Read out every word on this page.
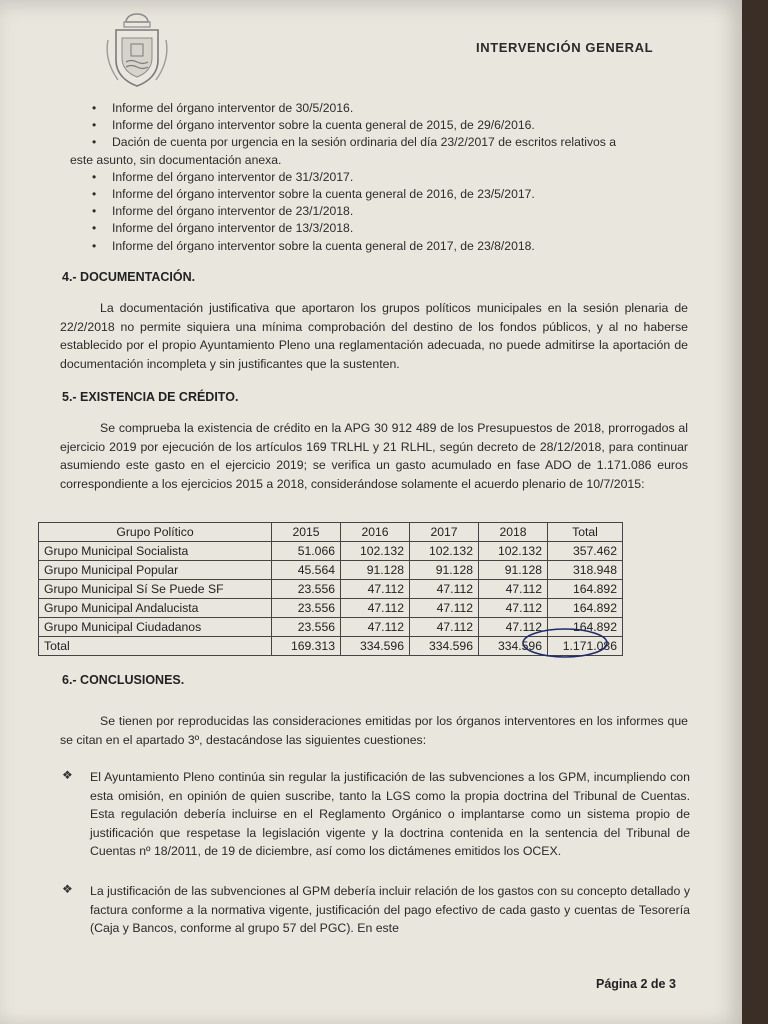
INTERVENCIÓN GENERAL
• Informe del órgano interventor de 30/5/2016.
• Informe del órgano interventor sobre la cuenta general de 2015, de 29/6/2016.
• Dación de cuenta por urgencia en la sesión ordinaria del día 23/2/2017 de escritos relativos a
este asunto, sin documentación anexa.
• Informe del órgano interventor de 31/3/2017.
• Informe del órgano interventor sobre la cuenta general de 2016, de 23/5/2017.
• Informe del órgano interventor de 23/1/2018.
• Informe del órgano interventor de 13/3/2018.
• Informe del órgano interventor sobre la cuenta general de 2017, de 23/8/2018.
4.- DOCUMENTACIÓN.
La documentación justificativa que aportaron los grupos políticos municipales en la sesión plenaria de 22/2/2018 no permite siquiera una mínima comprobación del destino de los fondos públicos, y al no haberse establecido por el propio Ayuntamiento Pleno una reglamentación adecuada, no puede admitirse la aportación de documentación incompleta y sin justificantes que la sustenten.
5.- EXISTENCIA DE CRÉDITO.
Se comprueba la existencia de crédito en la APG 30 912 489 de los Presupuestos de 2018, prorrogados al ejercicio 2019 por ejecución de los artículos 169 TRLHL y 21 RLHL, según decreto de 28/12/2018, para continuar asumiendo este gasto en el ejercicio 2019; se verifica un gasto acumulado en fase ADO de 1.171.086 euros correspondiente a los ejercicios 2015 a 2018, considerándose solamente el acuerdo plenario de 10/7/2015:
Grupo Político	2015	2016	2017	2018	Total
Grupo Municipal Socialista	51.066	102.132	102.132	102.132	357.462
Grupo Municipal Popular	45.564	91.128	91.128	91.128	318.948
Grupo Municipal Sí Se Puede SF	23.556	47.112	47.112	47.112	164.892
Grupo Municipal Andalucista	23.556	47.112	47.112	47.112	164.892
Grupo Municipal Ciudadanos	23.556	47.112	47.112	47.112	164.892
Total	169.313	334.596	334.596	334.596	1.171.086
6.- CONCLUSIONES.
Se tienen por reproducidas las consideraciones emitidas por los órganos interventores en los informes que se citan en el apartado 3º, destacándose las siguientes cuestiones:
❖ El Ayuntamiento Pleno continúa sin regular la justificación de las subvenciones a los GPM, incumpliendo con esta omisión, en opinión de quien suscribe, tanto la LGS como la propia doctrina del Tribunal de Cuentas. Esta regulación debería incluirse en el Reglamento Orgánico o implantarse como un sistema propio de justificación que respetase la legislación vigente y la doctrina contenida en la sentencia del Tribunal de Cuentas nº 18/2011, de 19 de diciembre, así como los dictámenes emitidos los OCEX.
❖ La justificación de las subvenciones al GPM debería incluir relación de los gastos con su concepto detallado y factura conforme a la normativa vigente, justificación del pago efectivo de cada gasto y cuentas de Tesorería (Caja y Bancos, conforme al grupo 57 del PGC). En este
Página 2 de 3
